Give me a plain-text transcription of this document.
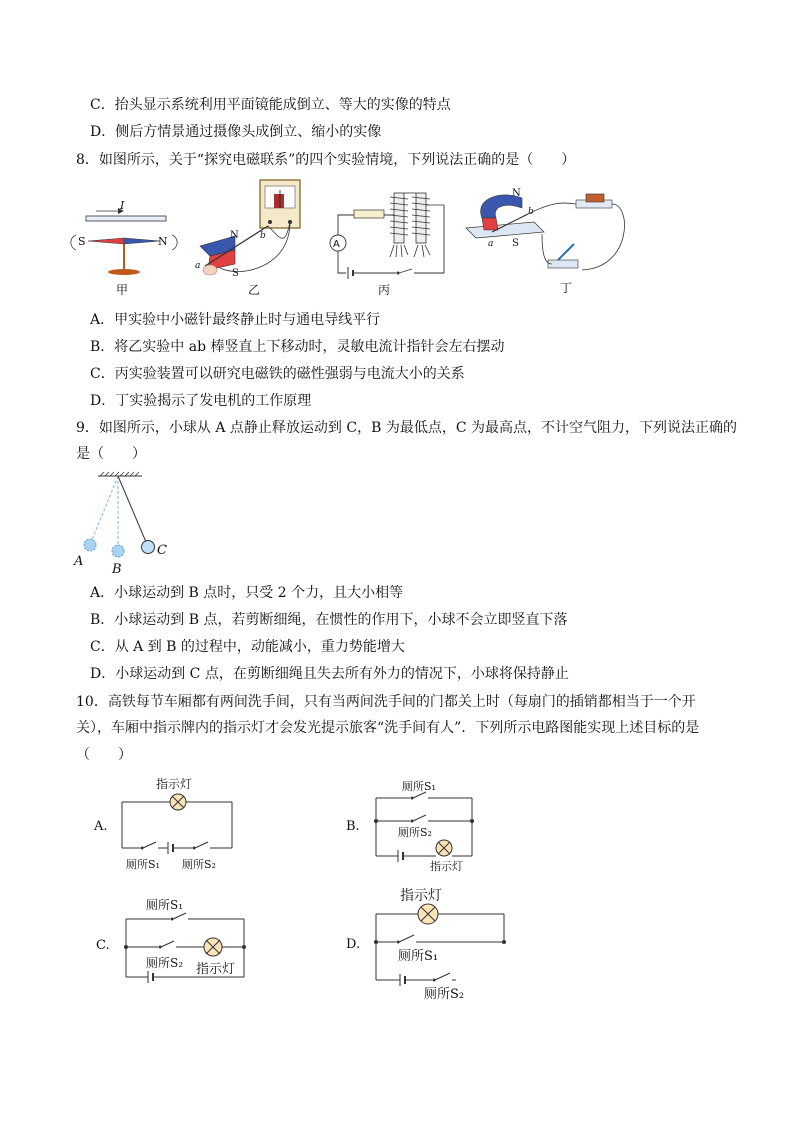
C．抬头显示系统利用平面镜能成倒立、等大的实像的特点
D．侧后方情景通过摄像头成倒立、缩小的实像
8．如图所示，关于“探究电磁联系”的四个实验情境，下列说法正确的是（　　）
I
S	N
甲
N
S
a
b
乙
A
丙
N
S
a
b
丁
A．甲实验中小磁针最终静止时与通电导线平行
B．将乙实验中 ab 棒竖直上下移动时，灵敏电流计指针会左右摆动
C．丙实验装置可以研究电磁铁的磁性强弱与电流大小的关系
D．丁实验揭示了发电机的工作原理
9．如图所示，小球从 A 点静止释放运动到 C，B 为最低点，C 为最高点，不计空气阻力，下列说法正确的
是（　　）
A
B
C
A．小球运动到 B 点时，只受 2 个力，且大小相等
B．小球运动到 B 点，若剪断细绳，在惯性的作用下，小球不会立即竖直下落
C．从 A 到 B 的过程中，动能减小，重力势能增大
D．小球运动到 C 点，在剪断细绳且失去所有外力的情况下，小球将保持静止
10．高铁每节车厢都有两间洗手间，只有当两间洗手间的门都关上时（每扇门的插销都相当于一个开
关），车厢中指示牌内的指示灯才会发光提示旅客“洗手间有人”．下列所示电路图能实现上述目标的是
（　　）
A.
指示灯
厕所S₁ 厕所S₂
B.
厕所S₁
厕所S₂
指示灯
C.
厕所S₁
厕所S₂ 指示灯
D.
指示灯
厕所S₁
厕所S₂
